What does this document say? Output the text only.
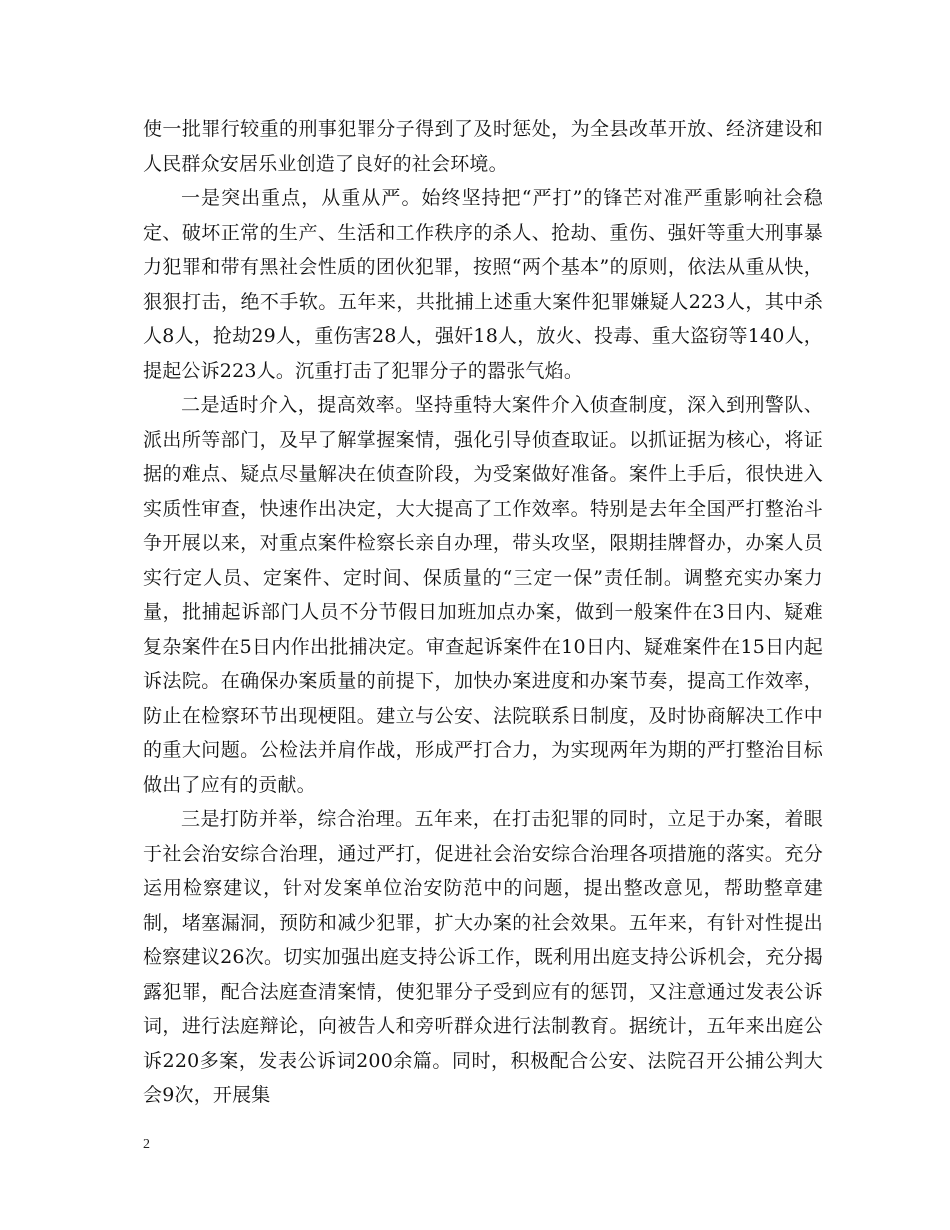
使一批罪行较重的刑事犯罪分子得到了及时惩处，为全县改革开放、经济建设和人民群众安居乐业创造了良好的社会环境。

一是突出重点，从重从严。始终坚持把“严打”的锋芒对准严重影响社会稳定、破坏正常的生产、生活和工作秩序的杀人、抢劫、重伤、强奸等重大刑事暴力犯罪和带有黑社会性质的团伙犯罪，按照“两个基本”的原则，依法从重从快，狠狠打击，绝不手软。五年来，共批捕上述重大案件犯罪嫌疑人223人，其中杀人8人，抢劫29人，重伤害28人，强奸18人，放火、投毒、重大盗窃等140人，提起公诉223人。沉重打击了犯罪分子的嚣张气焰。

二是适时介入，提高效率。坚持重特大案件介入侦查制度，深入到刑警队、派出所等部门，及早了解掌握案情，强化引导侦查取证。以抓证据为核心，将证据的难点、疑点尽量解决在侦查阶段，为受案做好准备。案件上手后，很快进入实质性审查，快速作出决定，大大提高了工作效率。特别是去年全国严打整治斗争开展以来，对重点案件检察长亲自办理，带头攻坚，限期挂牌督办，办案人员实行定人员、定案件、定时间、保质量的“三定一保”责任制。调整充实办案力量，批捕起诉部门人员不分节假日加班加点办案，做到一般案件在3日内、疑难复杂案件在5日内作出批捕决定。审查起诉案件在10日内、疑难案件在15日内起诉法院。在确保办案质量的前提下，加快办案进度和办案节奏，提高工作效率，防止在检察环节出现梗阻。建立与公安、法院联系日制度，及时协商解决工作中的重大问题。公检法并肩作战，形成严打合力，为实现两年为期的严打整治目标做出了应有的贡献。

三是打防并举，综合治理。五年来，在打击犯罪的同时，立足于办案，着眼于社会治安综合治理，通过严打，促进社会治安综合治理各项措施的落实。充分运用检察建议，针对发案单位治安防范中的问题，提出整改意见，帮助整章建制，堵塞漏洞，预防和减少犯罪，扩大办案的社会效果。五年来，有针对性提出检察建议26次。切实加强出庭支持公诉工作，既利用出庭支持公诉机会，充分揭露犯罪，配合法庭查清案情，使犯罪分子受到应有的惩罚，又注意通过发表公诉词，进行法庭辩论，向被告人和旁听群众进行法制教育。据统计，五年来出庭公诉220多案，发表公诉词200余篇。同时，积极配合公安、法院召开公捕公判大会9次，开展集

2
